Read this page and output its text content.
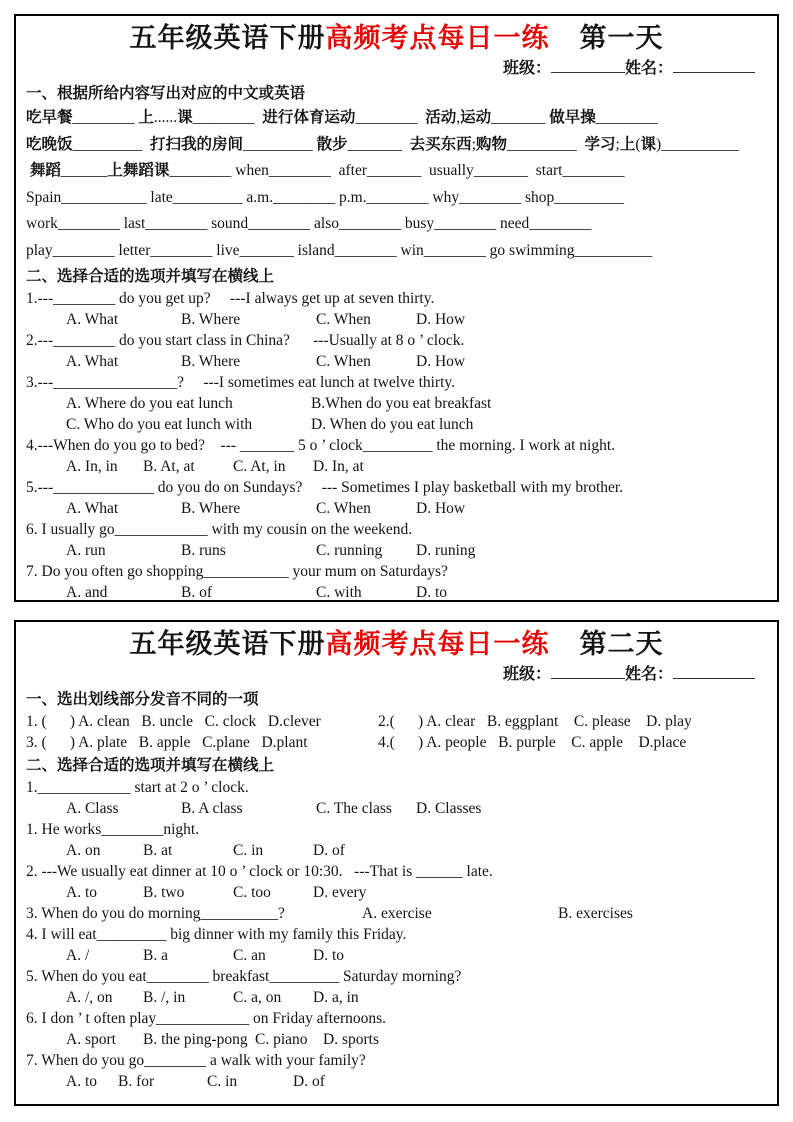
五年级英语下册高频考点每日一练 第一天
班级：	姓名：
一、根据所给内容写出对应的中文或英语
吃早餐________ 上......课________  进行体育运动________  活动,运动_______ 做早操________
吃晚饭_________  打扫我的房间_________ 散步_______  去买东西;购物_________  学习;上(课)__________
舞蹈______上舞蹈课________ when________  after_______  usually_______  start________
Spain___________ late_________ a.m.________ p.m.________ why________ shop_________
work________ last________ sound________ also________ busy________ need________
play________ letter________ live_______ island________ win________ go swimming__________
二、选择合适的选项并填写在横线上
1.---________ do you get up?     ---I always get up at seven thirty.
A. What	B. Where	C. When	D. How
2.---________ do you start class in China?      ---Usually at 8 o ’ clock.
A. What	B. Where	C. When	D. How
3.---________________?     ---I sometimes eat lunch at twelve thirty.
A. Where do you eat lunch	B.When do you eat breakfast
C. Who do you eat lunch with	D. When do you eat lunch
4.---When do you go to bed?    --- _______ 5 o ’ clock_________ the morning. I work at night.
A. In, in B. At, at C. At, in D. In, at
5.---_____________ do you do on Sundays?     --- Sometimes I play basketball with my brother.
A. What	B. Where	C. When	D. How
6. I usually go____________ with my cousin on the weekend.
A. run	B. runs	C. running D. runing
7. Do you often go shopping___________ your mum on Saturdays?
A. and	B. of	C. with	D. to
五年级英语下册高频考点每日一练 第二天
班级：	姓名：
一、选出划线部分发音不同的一项
1. (      ) A. clean   B. uncle   C. clock   D.clever	2.(      ) A. clear   B. eggplant    C. please    D. play
3. (      ) A. plate   B. apple   C.plane   D.plant	4.(      ) A. people   B. purple    C. apple    D.place
二、选择合适的选项并填写在横线上
1.____________ start at 2 o ’ clock.
A. Class	B. A class	C. The class D. Classes
1. He works________night.
A. on	B. at	C. in	D. of
2. ---We usually eat dinner at 10 o ’ clock or 10:30.   ---That is ______ late.
A. to	B. two	C. too	D. every
3. When do you do morning__________?	A. exercise	B. exercises
4. I will eat_________ big dinner with my family this Friday.
A. /	B. a	C. an	D. to
5. When do you eat________ breakfast_________ Saturday morning?
A. /, on B. /, in	C. a, on D. a, in
6. I don ’ t often play____________ on Friday afternoons.
A. sport B. the ping-pong C. piano D. sports
7. When do you go________ a walk with your family?
A. to B. for	C. in	D. of
